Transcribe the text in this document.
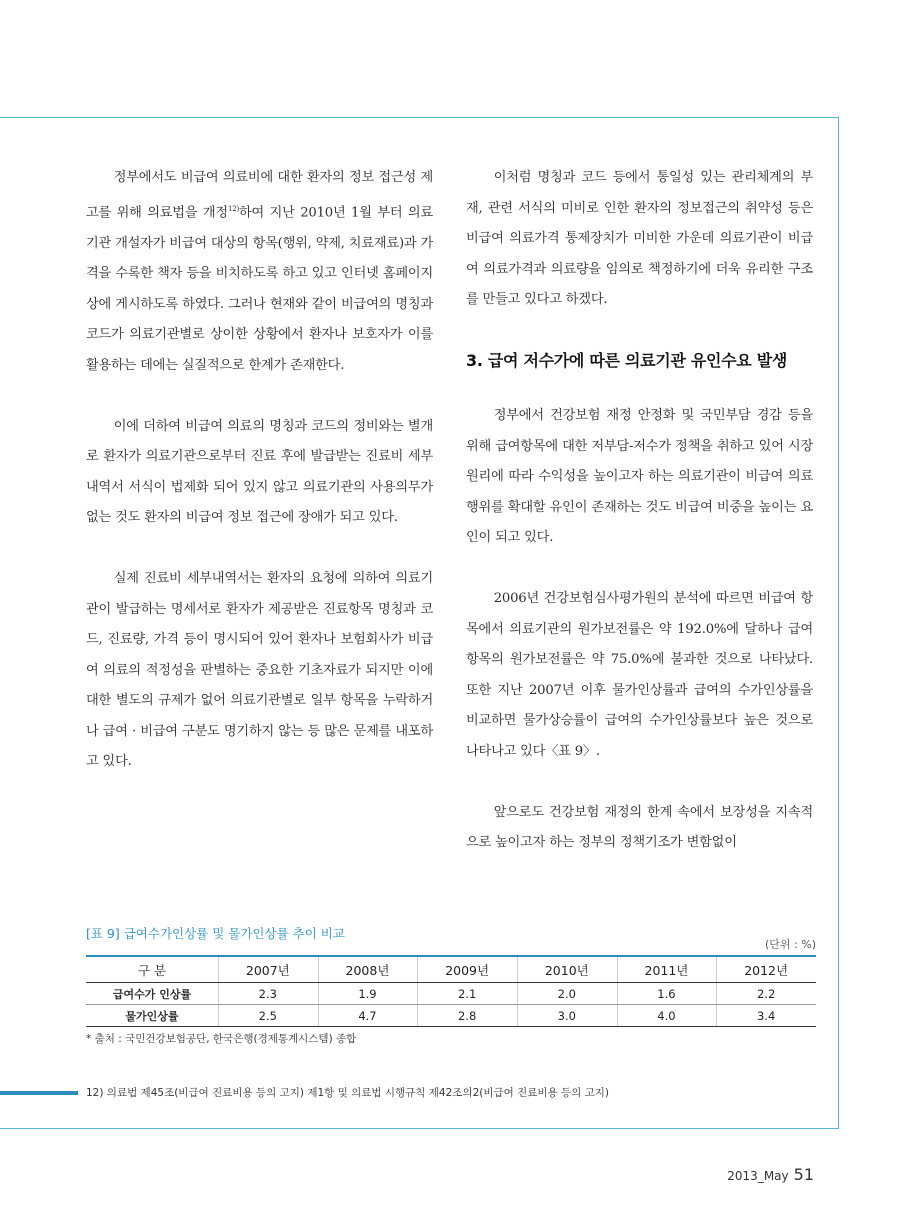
정부에서도 비급여 의료비에 대한 환자의 정보 접근성 제고를 위해 의료법을 개정$^{12)}$하여 지난 2010년 1월 부터 의료기관 개설자가 비급여 대상의 항목(행위, 약제, 치료재료)과 가격을 수록한 책자 등을 비치하도록 하고 있고 인터넷 홈페이지 상에 게시하도록 하였다. 그러나 현재와 같이 비급여의 명칭과 코드가 의료기관별로 상이한 상황에서 환자나 보호자가 이를 활용하는 데에는 실질적으로 한계가 존재한다.

이에 더하여 비급여 의료의 명칭과 코드의 정비와는 별개로 환자가 의료기관으로부터 진료 후에 발급받는 진료비 세부내역서 서식이 법제화 되어 있지 않고 의료기관의 사용의무가 없는 것도 환자의 비급여 정보 접근에 장애가 되고 있다.

실제 진료비 세부내역서는 환자의 요청에 의하여 의료기관이 발급하는 명세서로 환자가 제공받은 진료항목 명칭과 코드, 진료량, 가격 등이 명시되어 있어 환자나 보험회사가 비급여 의료의 적정성을 판별하는 중요한 기초자료가 되지만 이에 대한 별도의 규제가 없어 의료기관별로 일부 항목을 누락하거나 급여 · 비급여 구분도 명기하지 않는 등 많은 문제를 내포하고 있다.

이처럼 명칭과 코드 등에서 통일성 있는 관리체계의 부재, 관련 서식의 미비로 인한 환자의 정보접근의 취약성 등은 비급여 의료가격 통제장치가 미비한 가운데 의료기관이 비급여 의료가격과 의료량을 임의로 책정하기에 더욱 유리한 구조를 만들고 있다고 하겠다.

3. 급여 저수가에 따른 의료기관 유인수요 발생

정부에서 건강보험 재정 안정화 및 국민부담 경감 등을 위해 급여항목에 대한 저부담-저수가 정책을 취하고 있어 시장원리에 따라 수익성을 높이고자 하는 의료기관이 비급여 의료행위를 확대할 유인이 존재하는 것도 비급여 비중을 높이는 요인이 되고 있다.

2006년 건강보험심사평가원의 분석에 따르면 비급여 항목에서 의료기관의 원가보전률은 약 192.0%에 달하나 급여항목의 원가보전률은 약 75.0%에 불과한 것으로 나타났다. 또한 지난 2007년 이후 물가인상률과 급여의 수가인상률을 비교하면 물가상승률이 급여의 수가인상률보다 높은 것으로 나타나고 있다〈표 9〉.

앞으로도 건강보험 재정의 한계 속에서 보장성을 지속적으로 높이고자 하는 정부의 정책기조가 변함없이

[표 9] 급여수가인상률 및 물가인상률 추이 비교
(단위 : %)
구 분	2007년	2008년	2009년	2010년	2011년	2012년
급여수가 인상률	2.3	1.9	2.1	2.0	1.6	2.2
물가인상률	2.5	4.7	2.8	3.0	4.0	3.4
* 출처 : 국민건강보험공단, 한국은행(경제통계시스템) 종합
12) 의료법 제45조(비급여 진료비용 등의 고지) 제1항 및 의료법 시행규칙 제42조의2(비급여 진료비용 등의 고지)
2013_May 51
